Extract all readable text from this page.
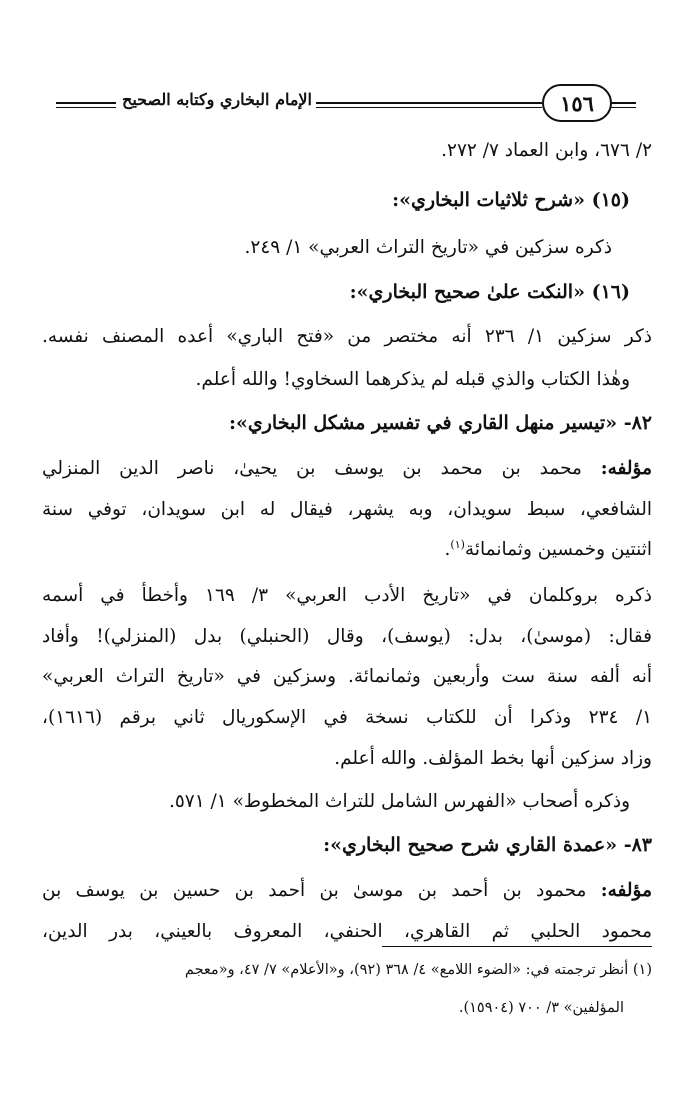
١٥٦
الإمام البخاري وكتابه الصحيح
٢/ ٦٧٦، وابن العماد ٧/ ٢٧٢.
(١٥) «شرح ثلاثيات البخاري»:
ذكره سزكين في «تاريخ التراث العربي» ١/ ٢٤٩.
(١٦) «النكت علىٰ صحيح البخاري»:
ذكر سزكين ١/ ٢٣٦ أنه مختصر من «فتح الباري» أعده المصنف نفسه.
وهٰذا الكتاب والذي قبله لم يذكرهما السخاوي! والله أعلم.
٨٢- «تيسير منهل القاري في تفسير مشكل البخاري»:
مؤلفه: محمد بن محمد بن يوسف بن يحيىٰ، ناصر الدين المنزلي
الشافعي، سبط سويدان، وبه يشهر، فيقال له ابن سويدان، توفي سنة
اثنتين وخمسين وثمانمائة$^{(١)}$.
ذكره بروكلمان في «تاريخ الأدب العربي» ٣/ ١٦٩ وأخطأ في أسمه
فقال: (موسىٰ)، بدل: (يوسف)، وقال (الحنبلي) بدل (المنزلي)! وأفاد
أنه ألفه سنة ست وأربعين وثمانمائة. وسزكين في «تاريخ التراث العربي»
١/ ٢٣٤ وذكرا أن للكتاب نسخة في الإسكوريال ثاني برقم (١٦١٦)،
وزاد سزكين أنها بخط المؤلف. والله أعلم.
وذكره أصحاب «الفهرس الشامل للتراث المخطوط» ١/ ٥٧١.
٨٣- «عمدة القاري شرح صحيح البخاري»:
مؤلفه: محمود بن أحمد بن موسىٰ بن أحمد بن حسين بن يوسف بن
محمود الحلبي ثم القاهري، الحنفي، المعروف بالعيني، بدر الدين،
(١) أنظر ترجمته في: «الضوء اللامع» ٤/ ٣٦٨ (٩٢)، و«الأعلام» ٧/ ٤٧، و«معجم
المؤلفين» ٣/ ٧٠٠ (١٥٩٠٤).
